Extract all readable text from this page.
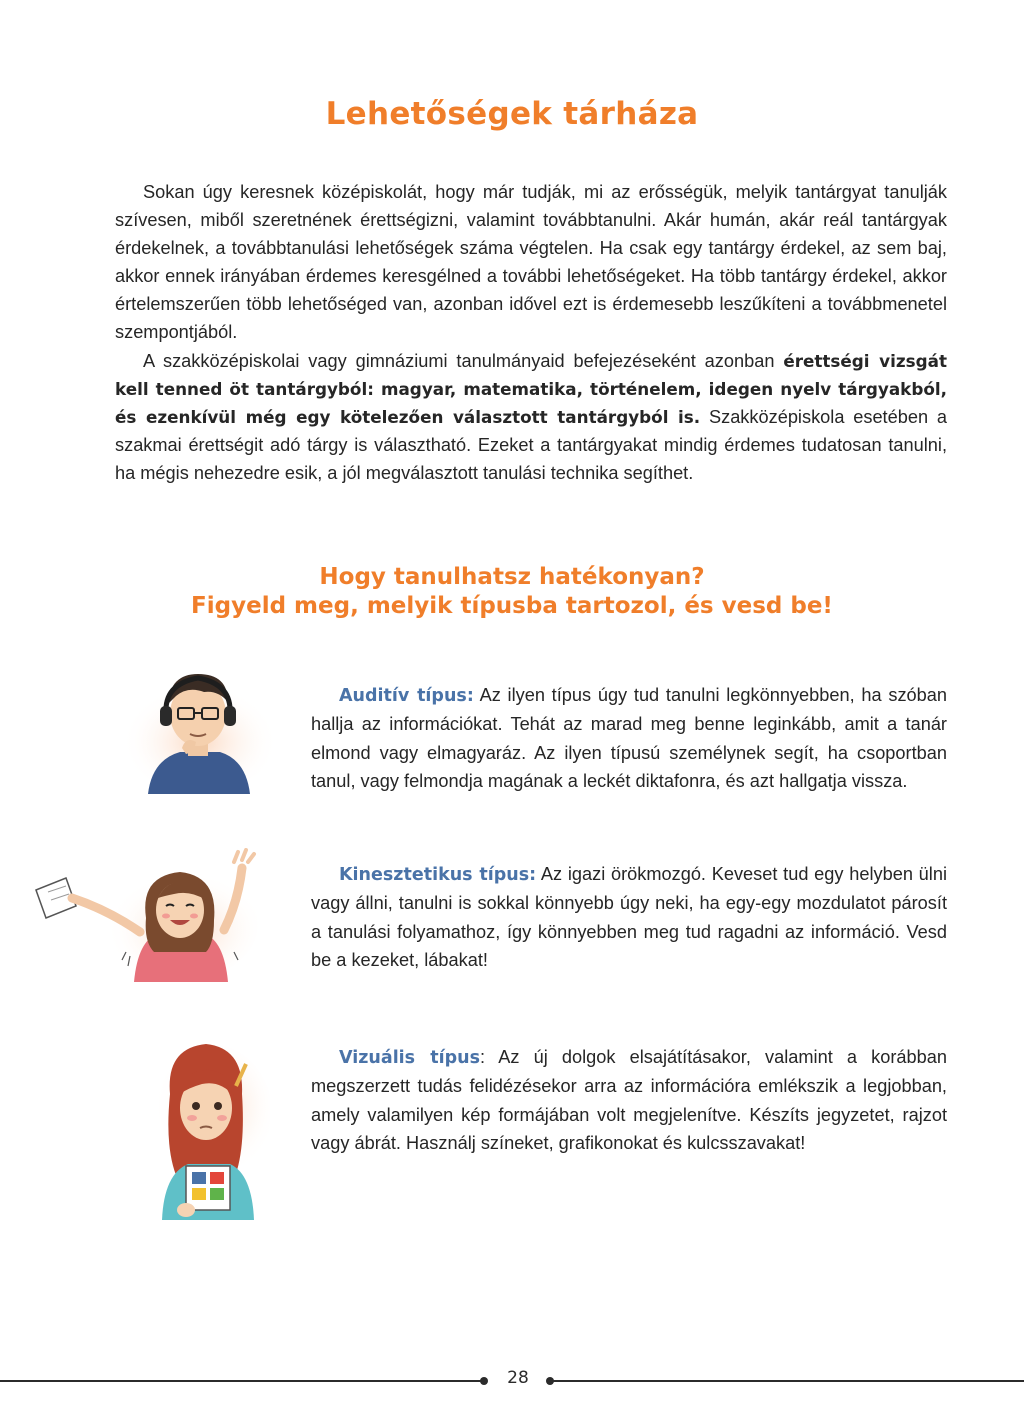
Lehetőségek tárháza

Sokan úgy keresnek középiskolát, hogy már tudják, mi az erősségük, melyik tantárgyat tanulják szívesen, miből szeretnének érettségizni, valamint továbbtanulni. Akár humán, akár reál tantárgyak érdekelnek, a továbbtanulási lehetőségek száma végtelen. Ha csak egy tantárgy érdekel, az sem baj, akkor ennek irányában érdemes keresgélned a további lehetőségeket. Ha több tantárgy érdekel, akkor értelemszerűen több lehetőséged van, azonban idővel ezt is érdemesebb leszűkíteni a továbbmenetel szempontjából.

A szakközépiskolai vagy gimnáziumi tanulmányaid befejezéseként azonban érettségi vizsgát kell tenned öt tantárgyból: magyar, matematika, történelem, idegen nyelv tárgyakból, és ezenkívül még egy kötelezően választott tantárgyból is. Szakközépiskola esetében a szakmai érettségit adó tárgy is választható. Ezeket a tantárgyakat mindig érdemes tudatosan tanulni, ha mégis nehezedre esik, a jól megválasztott tanulási technika segíthet.

Hogy tanulhatsz hatékonyan?
Figyeld meg, melyik típusba tartozol, és vesd be!

Auditív típus: Az ilyen típus úgy tud tanulni legkönnyebben, ha szóban hallja az információkat. Tehát az marad meg benne leginkább, amit a tanár elmond vagy elmagyaráz. Az ilyen típusú személynek segít, ha csoportban tanul, vagy felmondja magának a leckét diktafonra, és azt hallgatja vissza.

Kinesztetikus típus: Az igazi örökmozgó. Keveset tud egy helyben ülni vagy állni, tanulni is sokkal könnyebb úgy neki, ha egy-egy mozdulatot párosít a tanulási folyamathoz, így könnyebben meg tud ragadni az információ. Vesd be a kezeket, lábakat!

Vizuális típus: Az új dolgok elsajátításakor, valamint a korábban megszerzett tudás felidézésekor arra az információra emlékszik a legjobban, amely valamilyen kép formájában volt megjelenítve. Készíts jegyzetet, rajzot vagy ábrát. Használj színeket, grafikonokat és kulcsszavakat!

28
